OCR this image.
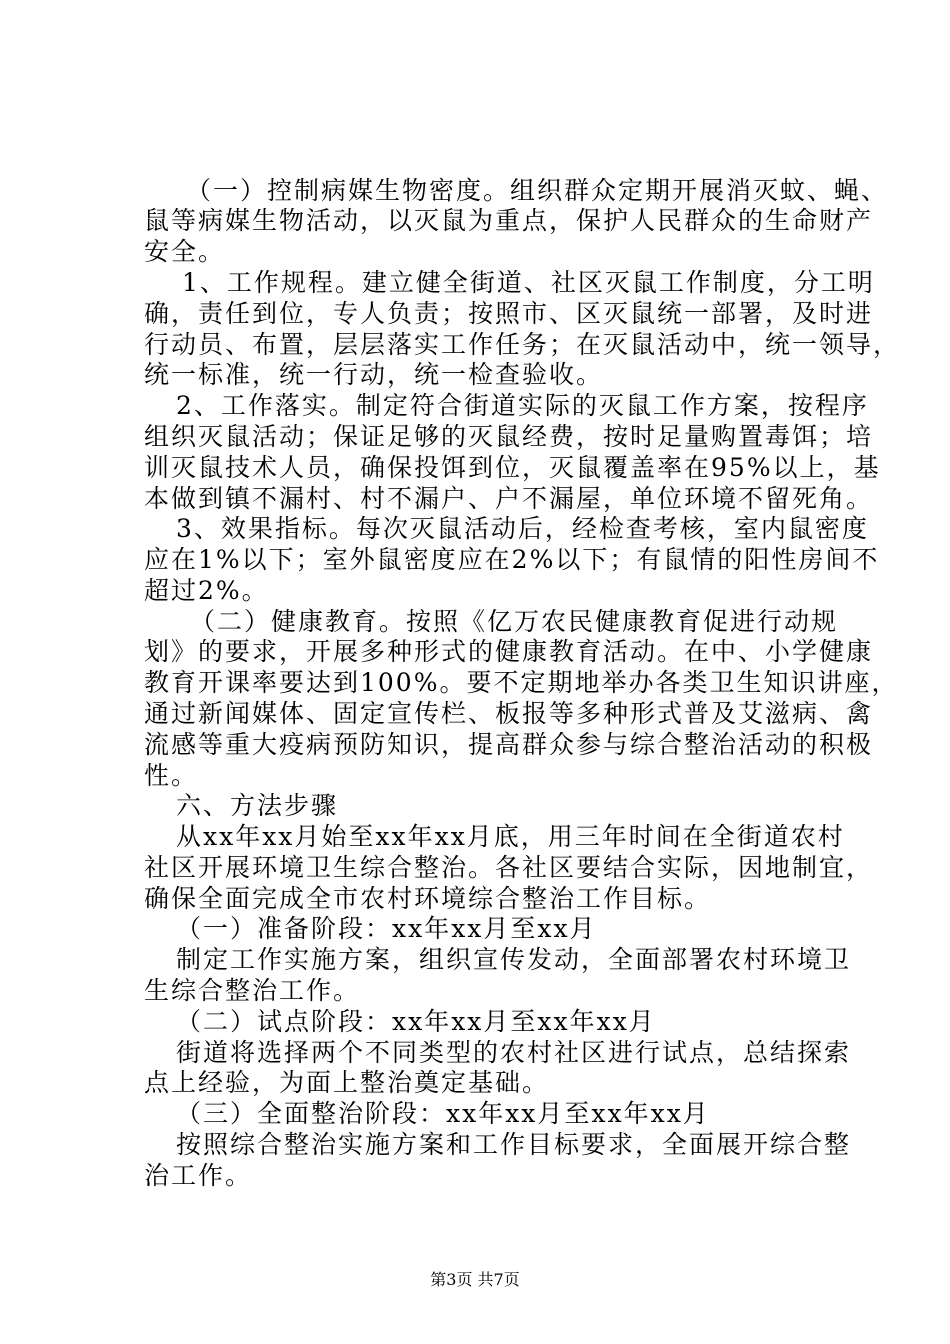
（一）控制病媒生物密度。组织群众定期开展消灭蚊、蝇、
鼠等病媒生物活动，以灭鼠为重点，保护人民群众的生命财产
安全。
1、工作规程。建立健全街道、社区灭鼠工作制度，分工明
确，责任到位，专人负责；按照市、区灭鼠统一部署，及时进
行动员、布置，层层落实工作任务；在灭鼠活动中，统一领导，
统一标准，统一行动，统一检查验收。
2、工作落实。制定符合街道实际的灭鼠工作方案，按程序
组织灭鼠活动；保证足够的灭鼠经费，按时足量购置毒饵；培
训灭鼠技术人员，确保投饵到位，灭鼠覆盖率在95%以上，基
本做到镇不漏村、村不漏户、户不漏屋，单位环境不留死角。
3、效果指标。每次灭鼠活动后，经检查考核，室内鼠密度
应在1%以下；室外鼠密度应在2%以下；有鼠情的阳性房间不
超过2%。
（二）健康教育。按照《亿万农民健康教育促进行动规
划》的要求，开展多种形式的健康教育活动。在中、小学健康
教育开课率要达到100%。要不定期地举办各类卫生知识讲座，
通过新闻媒体、固定宣传栏、板报等多种形式普及艾滋病、禽
流感等重大疫病预防知识，提高群众参与综合整治活动的积极
性。
六、方法步骤
从xx年xx月始至xx年xx月底，用三年时间在全街道农村
社区开展环境卫生综合整治。各社区要结合实际，因地制宜，
确保全面完成全市农村环境综合整治工作目标。
（一）准备阶段：xx年xx月至xx月
制定工作实施方案，组织宣传发动，全面部署农村环境卫
生综合整治工作。
（二）试点阶段：xx年xx月至xx年xx月
街道将选择两个不同类型的农村社区进行试点，总结探索
点上经验，为面上整治奠定基础。
（三）全面整治阶段：xx年xx月至xx年xx月
按照综合整治实施方案和工作目标要求，全面展开综合整
治工作。
第3页 共7页
